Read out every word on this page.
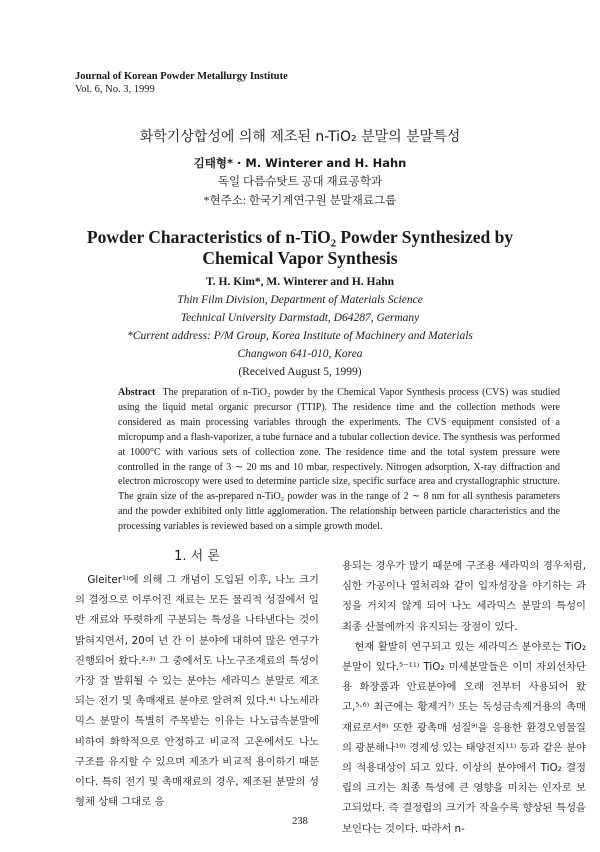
Journal of Korean Powder Metallurgy Institute
Vol. 6, No. 3, 1999
화학기상합성에 의해 제조된 n-TiO₂ 분말의 분말특성
김태형* · M. Winterer and H. Hahn
독일 다름슈탓트 공대 재료공학과
*현주소: 한국기계연구원 분말재료그룹
Powder Characteristics of n-TiO₂ Powder Synthesized by
Chemical Vapor Synthesis
T. H. Kim*, M. Winterer and H. Hahn
Thin Film Division, Department of Materials Science
Technical University Darmstadt, D64287, Germany
*Current address: P/M Group, Korea Institute of Machinery and Materials
Changwon 641-010, Korea
(Received August 5, 1999)
Abstract The preparation of n-TiO₂ powder by the Chemical Vapor Synthesis process (CVS) was studied using the liquid metal organic precursor (TTIP). The residence time and the collection methods were considered as main processing variables through the experiments. The CVS equipment consisted of a micropump and a flash-vaporizer, a tube furnace and a tubular collection device. The synthesis was performed at 1000°C with various sets of collection zone. The residence time and the total system pressure were controlled in the range of 3 ∼ 20 ms and 10 mbar, respectively. Nitrogen adsorption, X-ray diffraction and electron microscopy were used to determine particle size, specific surface area and crystallographic structure. The grain size of the as-prepared n-TiO₂ powder was in the range of 2 ∼ 8 nm for all synthesis parameters and the powder exhibited only little agglomeration. The relationship between particle characteristics and the processing variables is reviewed based on a simple growth model.
1. 서 론

Gleiter¹⁾에 의해 그 개념이 도입된 이후, 나노 크기의 결정으로 이루어진 재료는 모든 물리적 성질에서 일반 재료와 뚜렷하게 구분되는 특성을 나타낸다는 것이 밝혀지면서, 20여 년 간 이 분야에 대하여 많은 연구가 진행되어 왔다.²·³⁾ 그 중에서도 나노구조재료의 특성이 가장 잘 발휘될 수 있는 분야는 세라믹스 분말로 제조되는 전기 및 촉매재료 분야로 알려져 있다.⁴⁾ 나노세라믹스 분말이 특별히 주목받는 이유는 나노급속분말에 비하여 화학적으로 안정하고 비교적 고온에서도 나노구조를 유지할 수 있으며 제조가 비교적 용이하기 때문이다. 특히 전기 및 촉매재료의 경우, 제조된 분말의 성형체 상태 그대로 응

용되는 경우가 많기 때문에 구조용 세라믹의 경우처럼, 심한 가공이나 열처리와 같이 입자성장을 야기하는 과정을 거치지 않게 되어 나노 세라믹스 분말의 특성이 최종 산물에까지 유지되는 장점이 있다.

현재 활발히 연구되고 있는 세라믹스 분야로는 TiO₂ 분말이 있다.⁵⁻¹¹⁾ TiO₂ 미세분말들은 이미 자외선차단용 화장품과 안료분야에 오래 전부터 사용되어 왔고,⁵·⁶⁾ 최근에는 황제거⁷⁾ 또는 독성금속제거용의 촉매재료로서⁸⁾ 또한 광촉매 성질⁹⁾을 응용한 환경오염물질의 광분해나¹⁰⁾ 경제성 있는 태양전지¹¹⁾ 등과 같은 분야의 적용대상이 되고 있다. 이상의 분야에서 TiO₂ 결정립의 크기는 최종 특성에 큰 영향을 미치는 인자로 보고되었다. 즉 결정립의 크기가 작을수록 향상된 특성을 보인다는 것이다. 따라서 n-

238
